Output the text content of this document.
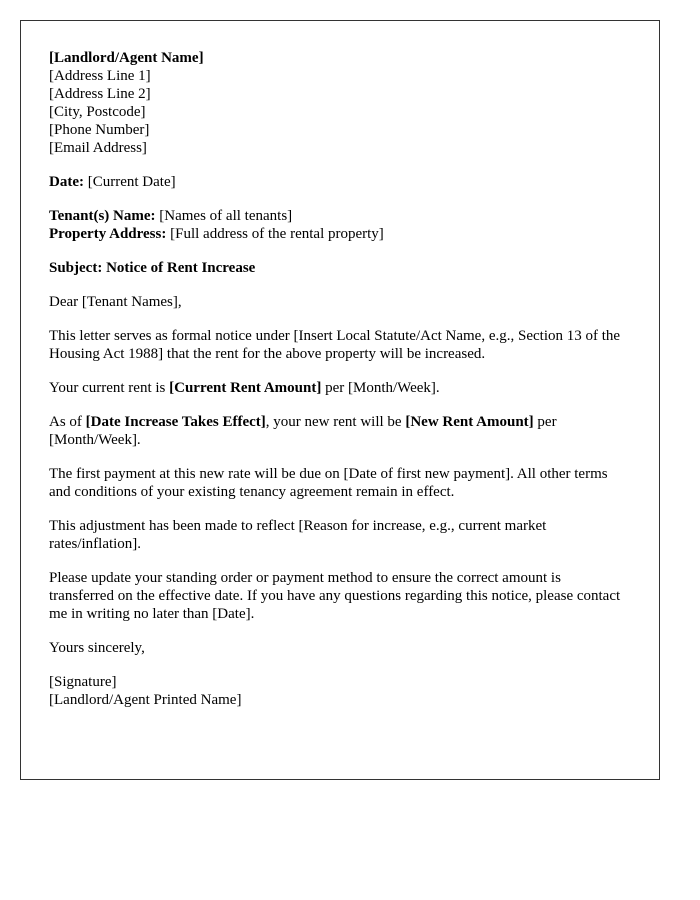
[Landlord/Agent Name]
[Address Line 1]
[Address Line 2]
[City, Postcode]
[Phone Number]
[Email Address]
Date: [Current Date]
Tenant(s) Name: [Names of all tenants]
Property Address: [Full address of the rental property]
Subject: Notice of Rent Increase

Dear [Tenant Names],

This letter serves as formal notice under [Insert Local Statute/Act Name, e.g., Section 13 of the Housing Act 1988] that the rent for the above property will be increased.

Your current rent is [Current Rent Amount] per [Month/Week].

As of [Date Increase Takes Effect], your new rent will be [New Rent Amount] per [Month/Week].

The first payment at this new rate will be due on [Date of first new payment]. All other terms and conditions of your existing tenancy agreement remain in effect.

This adjustment has been made to reflect [Reason for increase, e.g., current market rates/inflation].

Please update your standing order or payment method to ensure the correct amount is transferred on the effective date. If you have any questions regarding this notice, please contact me in writing no later than [Date].

Yours sincerely,

[Signature]
[Landlord/Agent Printed Name]
